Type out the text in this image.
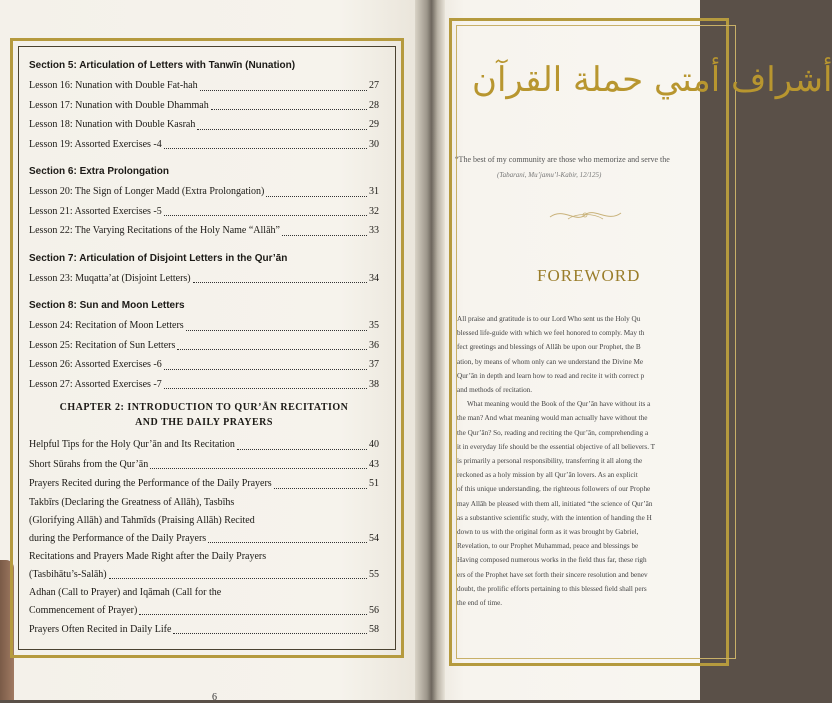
Section 5: Articulation of Letters with Tanwīn (Nunation)
Lesson 16: Nunation with Double Fat-hah	27
Lesson 17: Nunation with Double Dhammah	28
Lesson 18: Nunation with Double Kasrah	29
Lesson 19: Assorted Exercises -4	30
Section 6: Extra Prolongation
Lesson 20: The Sign of Longer Madd (Extra Prolongation)	31
Lesson 21: Assorted Exercises -5	32
Lesson 22: The Varying Recitations of the Holy Name “Allāh”	33
Section 7: Articulation of Disjoint Letters in the Qur’ān
Lesson 23: Muqatta’at (Disjoint Letters)	34
Section 8: Sun and Moon Letters
Lesson 24: Recitation of Moon Letters	35
Lesson 25: Recitation of Sun Letters	36
Lesson 26: Assorted Exercises -6	37
Lesson 27: Assorted Exercises -7	38
CHAPTER 2: INTRODUCTION TO QUR’ĀN RECITATION
AND THE DAILY PRAYERS
Helpful Tips for the Holy Qur’ān and Its Recitation	40
Short Sūrahs from the Qur’ān	43
Prayers Recited during the Performance of the Daily Prayers	51
Takbīrs (Declaring the Greatness of Allāh), Tasbīhs
(Glorifying Allāh) and Tahmīds (Praising Allāh) Recited
during the Performance of the Daily Prayers	54
Recitations and Prayers Made Right after the Daily Prayers
(Tasbihātu’s-Salāh)	55
Adhan (Call to Prayer) and Iqāmah (Call for the
Commencement of Prayer)	56
Prayers Often Recited in Daily Life	58
6
أشراف أمتي حملة القرآن
“The best of my community are those who memorize and serve the
(Tabarani, Mu’jamu’l-Kabir, 12/125)
FOREWORD

All praise and gratitude is to our Lord Who sent us the Holy Qu

blessed life-guide with which we feel honored to comply. May th

fect greetings and blessings of Allāh be upon our Prophet, the B

ation, by means of whom only can we understand the Divine Me

Qur’ān in depth and learn how to read and recite it with correct p

and methods of recitation.

What meaning would the Book of the Qur’ān have without its a

the man? And what meaning would man actually have without the

the Qur’ān? So, reading and reciting the Qur’ān, comprehending a

it in everyday life should be the essential objective of all believers. T

is primarily a personal responsibility, transferring it all along the

reckoned as a holy mission by all Qur’ān lovers. As an explicit

of this unique understanding, the righteous followers of our Prophe

may Allāh be pleased with them all, initiated “the science of Qur’ān

as a substantive scientific study, with the intention of handing the H

down to us with the original form as it was brought by Gabriel,

Revelation, to our Prophet Muhammad, peace and blessings be

Having composed numerous works in the field thus far, these righ

ers of the Prophet have set forth their sincere resolution and benev

doubt, the prolific efforts pertaining to this blessed field shall pers

the end of time.
